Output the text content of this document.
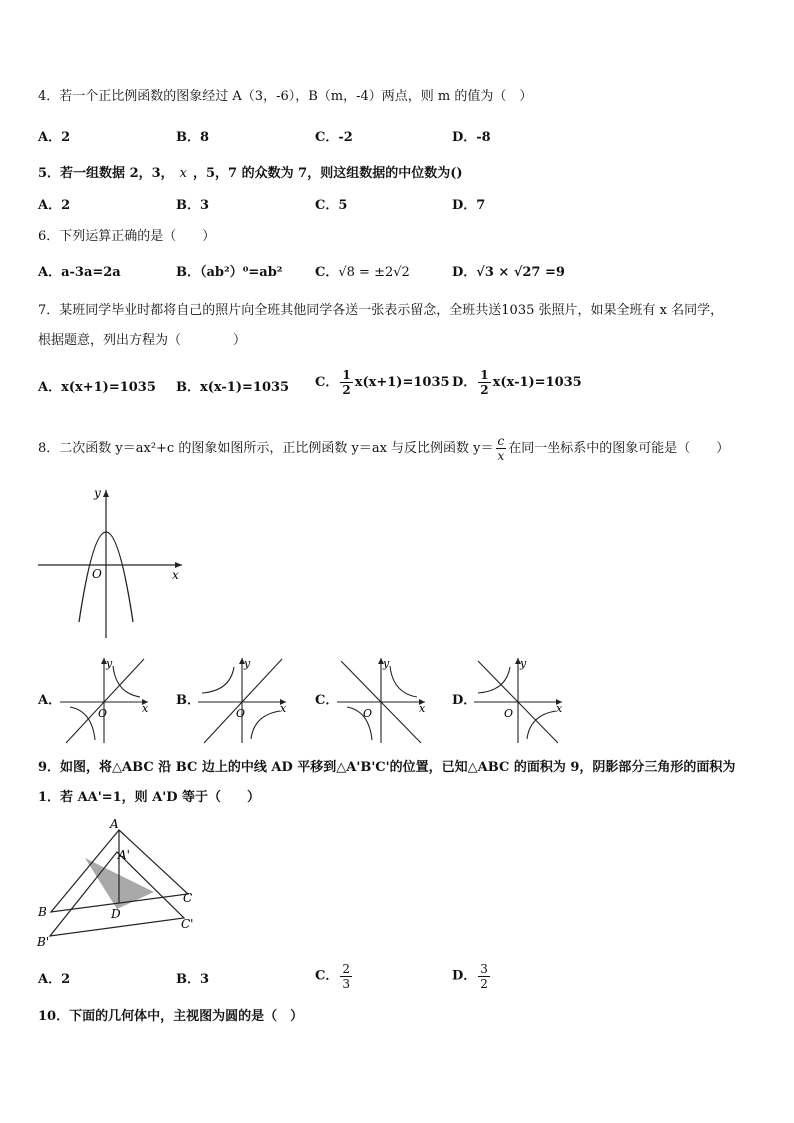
4．若一个正比例函数的图象经过 A（3，-6），B（m，-4）两点，则 m 的值为（　）
A．2	B．8	C．-2	D．-8
5．若一组数据 2，3， x ，5，7 的众数为 7，则这组数据的中位数为()
A．2	B．3	C．5	D．7
6．下列运算正确的是（　　）
A．a-3a=2a	B．（ab²）⁰=ab²	C．√8 = ±2√2	D．√3 × √27 =9
7．某班同学毕业时都将自己的照片向全班其他同学各送一张表示留念，全班共送1035 张照片，如果全班有 x 名同学，
根据题意，列出方程为（　　　　）
A．x(x+1)=1035 B．x(x-1)=1035 C． $\frac{1}{2} x(x+1)=1035$ D． $\frac{1}{2} x(x-1)=1035$
8．二次函数 y＝ax²+c 的图象如图所示，正比例函数 y＝ax 与反比例函数 $y= \frac{c}{x}$ 在同一坐标系中的图象可能是（　　）
y
x
O
A．
y
x
O
B．
y
x
O
C．
y
x
O
D．
y
x
O
9．如图，将△ABC 沿 BC 边上的中线 AD 平移到△A'B'C'的位置，已知△ABC 的面积为 9，阴影部分三角形的面积为
1．若 AA'=1，则 A'D 等于（　　）
A
A'
B
B'
C
C'
D
A．2	B．3	C． $\frac{2}{3}$	D． $\frac{3}{2}$
10．下面的几何体中，主视图为圆的是（　）
